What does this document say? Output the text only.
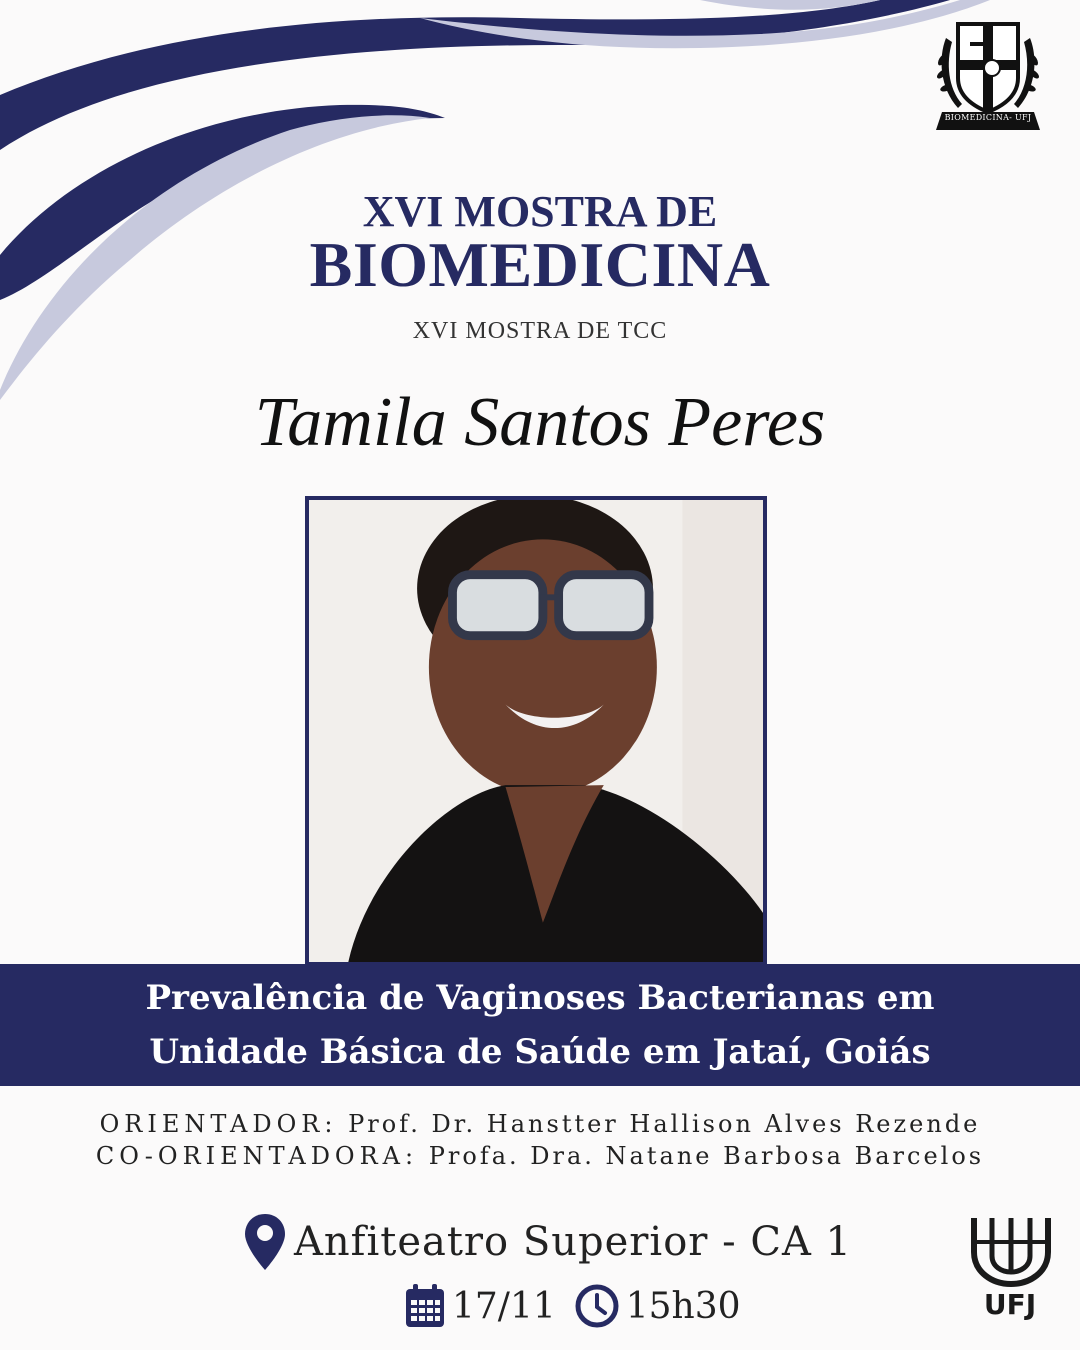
BIOMEDICINA- UFJ
XVI MOSTRA DE
BIOMEDICINA
XVI MOSTRA DE TCC
Tamila Santos Peres
Prevalência de Vaginoses Bacterianas em
Unidade Básica de Saúde em Jataí, Goiás
ORIENTADOR: Prof. Dr. Hanstter Hallison Alves Rezende
CO-ORIENTADORA: Profa. Dra. Natane Barbosa Barcelos
Anfiteatro Superior - CA 1
17/11 15h30	UFJ
